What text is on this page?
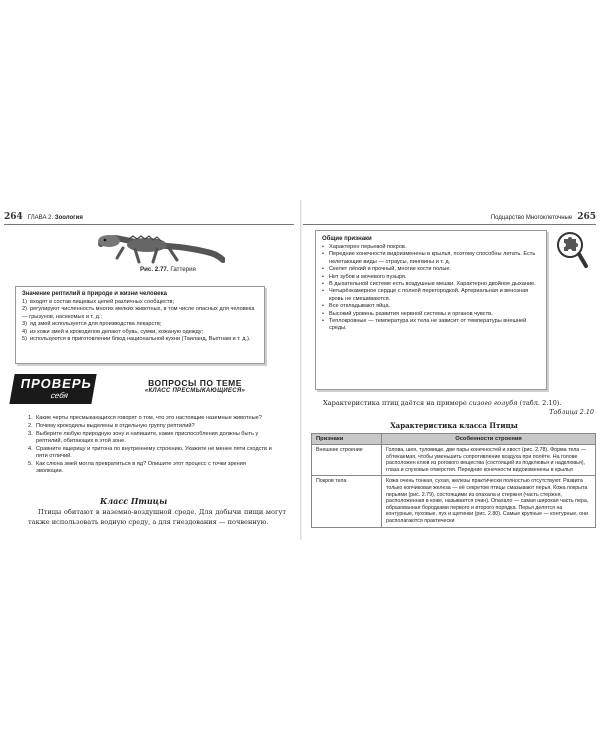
264 ГЛАВА 2. Зоология
Рис. 2.77. Гаттерия
Значение рептилий в природе и жизни человека
1) входят в состав пищевых цепей различных сообществ;
2) регулируют численность многих мелких животных, в том числе опасных для человека — грызунов, насекомых и т. д.;
3) яд змей используется для производства лекарств;
4) из кожи змей и крокодилов делают обувь, сумки, кожаную одежду;
5) используются в приготовлении блюд национальной кухни (Таиланд, Вьетнам и т. д.).
ПРОВЕРЬ
себя
ВОПРОСЫ ПО ТЕМЕ
«КЛАСС ПРЕСМЫКАЮЩИЕСЯ»
1. Какие черты пресмыкающихся говорят о том, что это настоящие наземные животные?
2. Почему крокодилы выделены в отдельную группу рептилий?
3. Выберите любую природную зону и напишите, какие приспособления должны быть у рептилий, обитающих в этой зоне.
4. Сравните ящерицу и тритона по внутреннему строению. Укажите не менее пяти сходств и пяти отличий.
5. Как слюна змей могла превратиться в яд? Опишите этот процесс с точки зрения эволюции.
Класс Птицы

Птицы обитают в наземно-воздушной среде. Для добычи пищи могут также использовать водную среду, а для гнездования — почвенную.

Подцарство Многоклеточные 265
Общие признаки
• Характерен перьевой покров.
• Передние конечности видоизменены в крылья, поэтому способны летать. Есть нелетающие виды — страусы, пингвины и т. д.
• Скелет лёгкий и прочный, многие кости полые.
• Нет зубов и мочевого пузыря.
• В дыхательной системе есть воздушные мешки. Характерно двойное дыхание.
• Четырёхкамерное сердце с полной перегородкой. Артериальная и венозная кровь не смешиваются.
• Все откладывают яйца.
• Высокий уровень развития нервной системы и органов чувств.
• Теплокровные — температура их тела не зависит от температуры внешней среды.

Характеристика птиц даётся на примере сизого голубя (табл. 2.10).

Таблица 2.10
Характеристика класса Птицы
Признаки	Особенности строения
Внешнее строение	Голова, шея, туловище, две пары конечностей и хвост (рис. 2.78). Форма тела — обтекаемая, чтобы уменьшить сопротивление воздуха при полёте. На голове расположен клюв из рогового вещества (состоящий из подклювья и надклювья), глаза и слуховые отверстия. Передние конечности видоизменены в крылья
Покров тела	Кожа очень тонкая, сухая, железы практически полностью отсутствуют. Развита только копчиковая железа — её секретом птицы смазывают перья. Кожа покрыта перьями (рис. 2.79), состоящими из опахала и стержня (часть стержня, расположенная в коже, называется очин). Опахало — самая широкая часть пера, образованная бородками первого и второго порядка. Перья делятся на контурные, пуховые, пух и щетинки (рис. 2.80). Самые крупные — контурные, они располагаются практически
